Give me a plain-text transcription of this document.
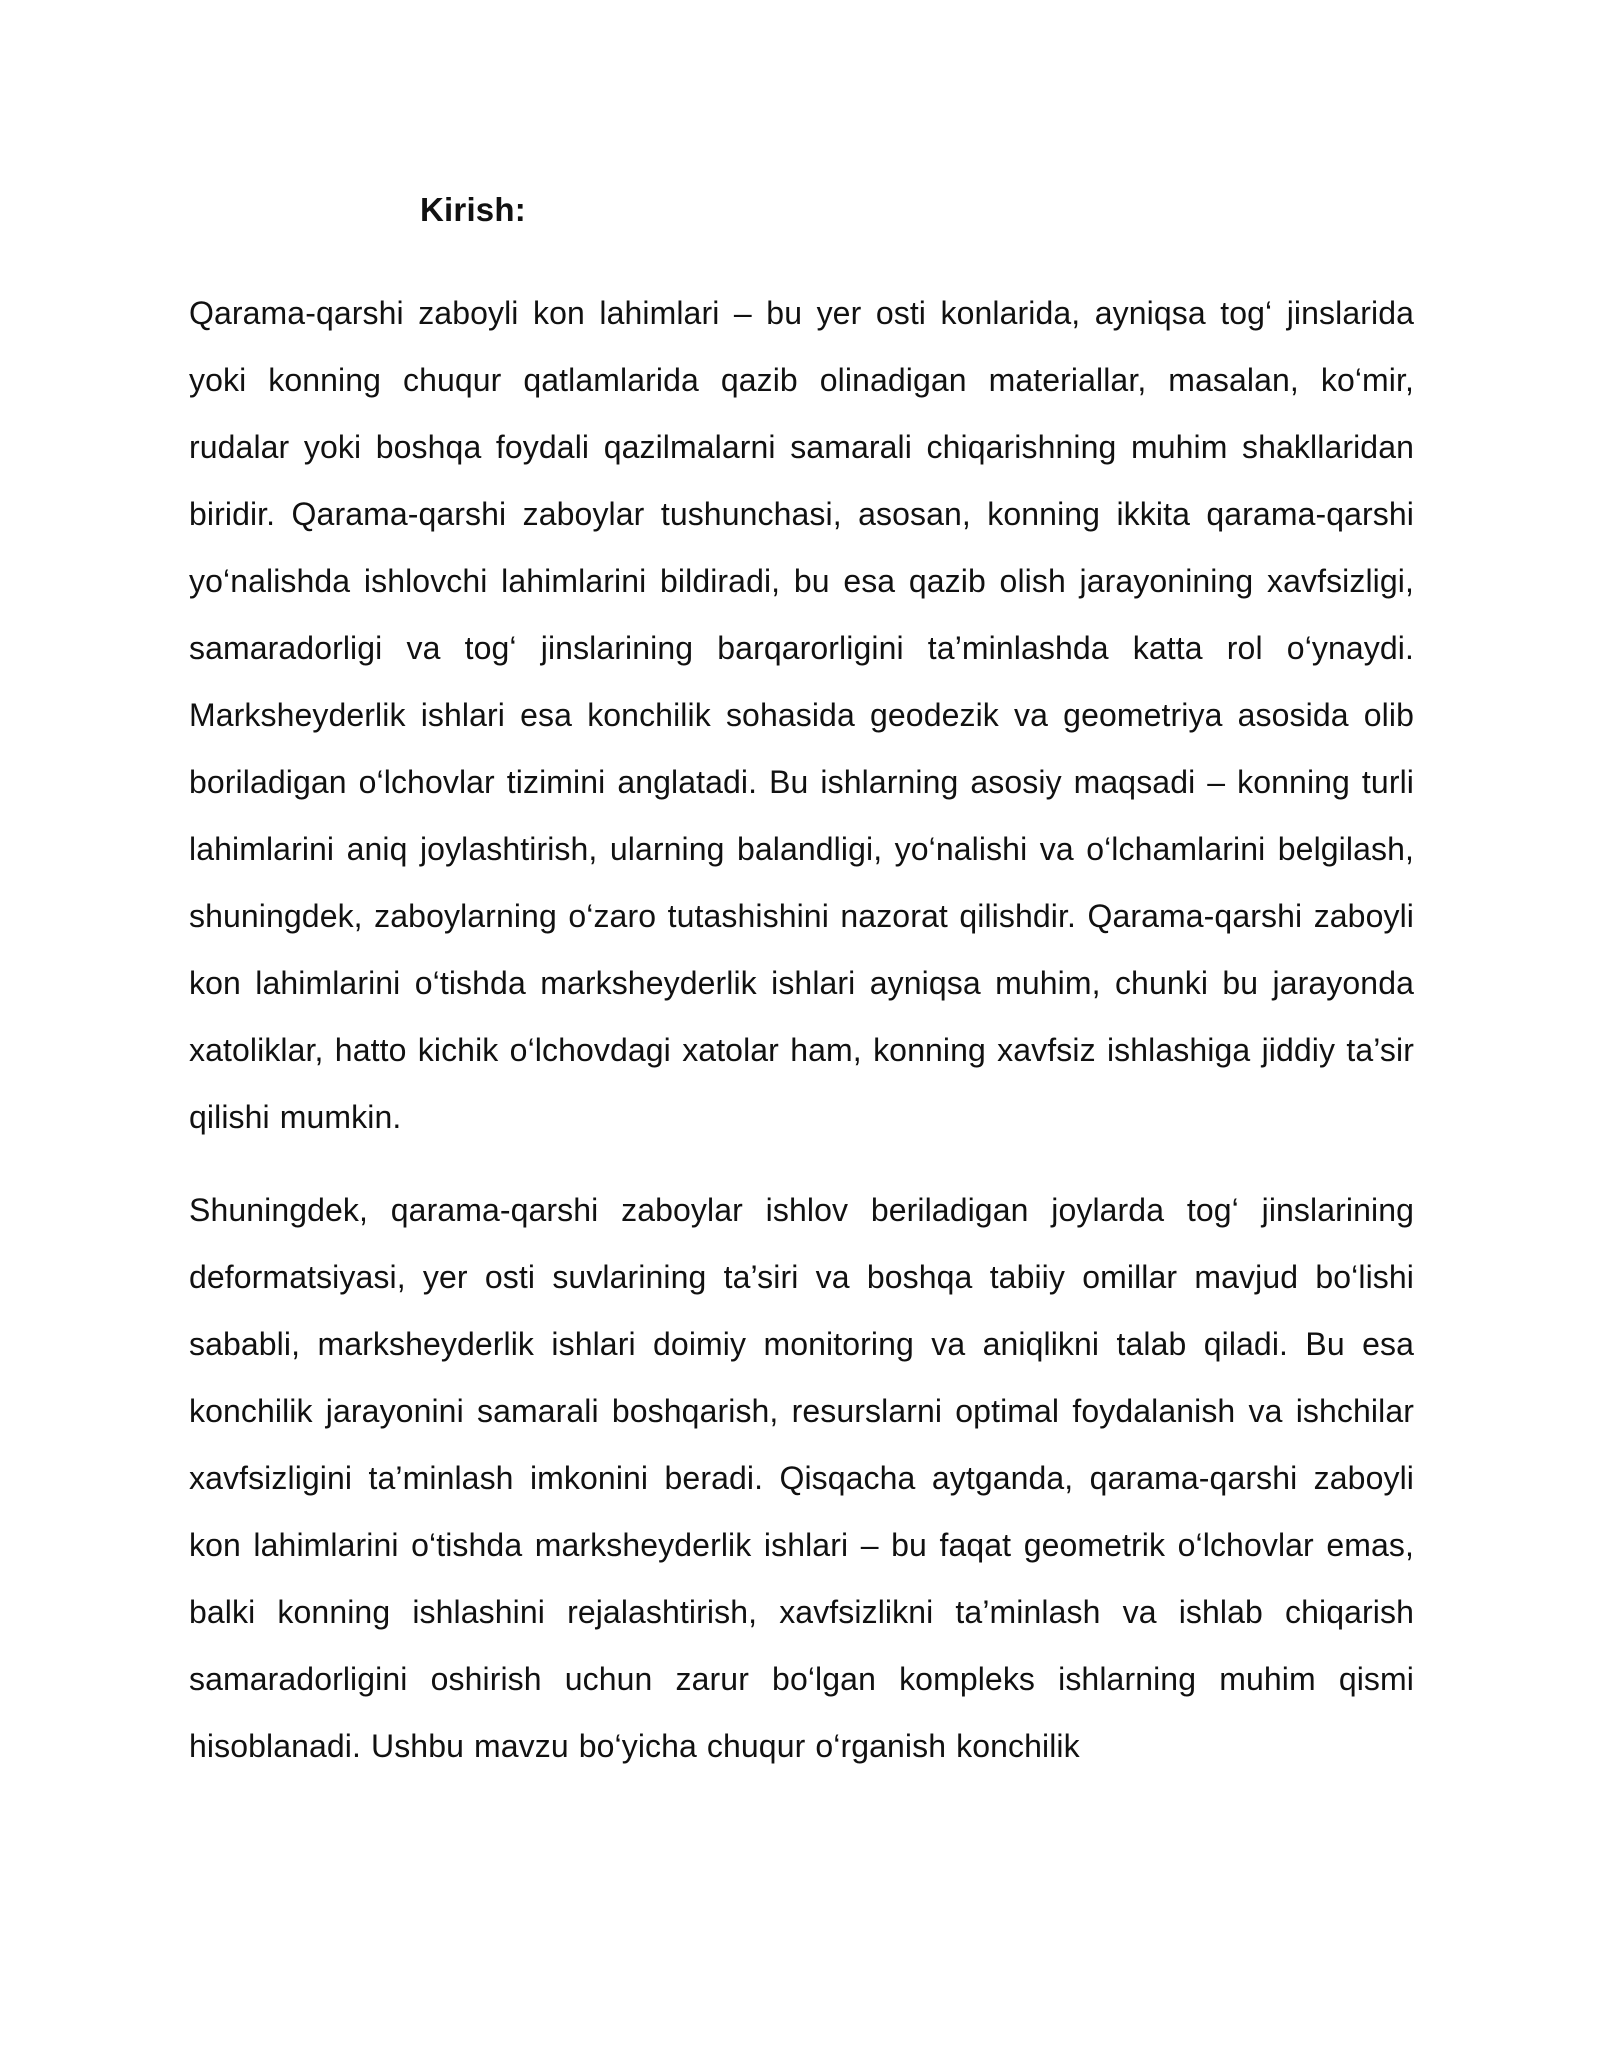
Kirish:

Qarama-qarshi zaboyli kon lahimlari – bu yer osti konlarida, ayniqsa tog‘ jinslarida yoki konning chuqur qatlamlarida qazib olinadigan materiallar, masalan, ko‘mir, rudalar yoki boshqa foydali qazilmalarni samarali chiqarishning muhim shakllaridan biridir. Qarama-qarshi zaboylar tushunchasi, asosan, konning ikkita qarama-qarshi yo‘nalishda ishlovchi lahimlarini bildiradi, bu esa qazib olish jarayonining xavfsizligi, samaradorligi va tog‘ jinslarining barqarorligini ta’minlashda katta rol o‘ynaydi. Marksheyderlik ishlari esa konchilik sohasida geodezik va geometriya asosida olib boriladigan o‘lchovlar tizimini anglatadi. Bu ishlarning asosiy maqsadi – konning turli lahimlarini aniq joylashtirish, ularning balandligi, yo‘nalishi va o‘lchamlarini belgilash, shuningdek, zaboylarning o‘zaro tutashishini nazorat qilishdir. Qarama-qarshi zaboyli kon lahimlarini o‘tishda marksheyderlik ishlari ayniqsa muhim, chunki bu jarayonda xatoliklar, hatto kichik o‘lchovdagi xatolar ham, konning xavfsiz ishlashiga jiddiy ta’sir qilishi mumkin.

Shuningdek, qarama-qarshi zaboylar ishlov beriladigan joylarda tog‘ jinslarining deformatsiyasi, yer osti suvlarining ta’siri va boshqa tabiiy omillar mavjud bo‘lishi sababli, marksheyderlik ishlari doimiy monitoring va aniqlikni talab qiladi. Bu esa konchilik jarayonini samarali boshqarish, resurslarni optimal foydalanish va ishchilar xavfsizligini ta’minlash imkonini beradi. Qisqacha aytganda, qarama-qarshi zaboyli kon lahimlarini o‘tishda marksheyderlik ishlari – bu faqat geometrik o‘lchovlar emas, balki konning ishlashini rejalashtirish, xavfsizlikni ta’minlash va ishlab chiqarish samaradorligini oshirish uchun zarur bo‘lgan kompleks ishlarning muhim qismi hisoblanadi. Ushbu mavzu bo‘yicha chuqur o‘rganish konchilik
